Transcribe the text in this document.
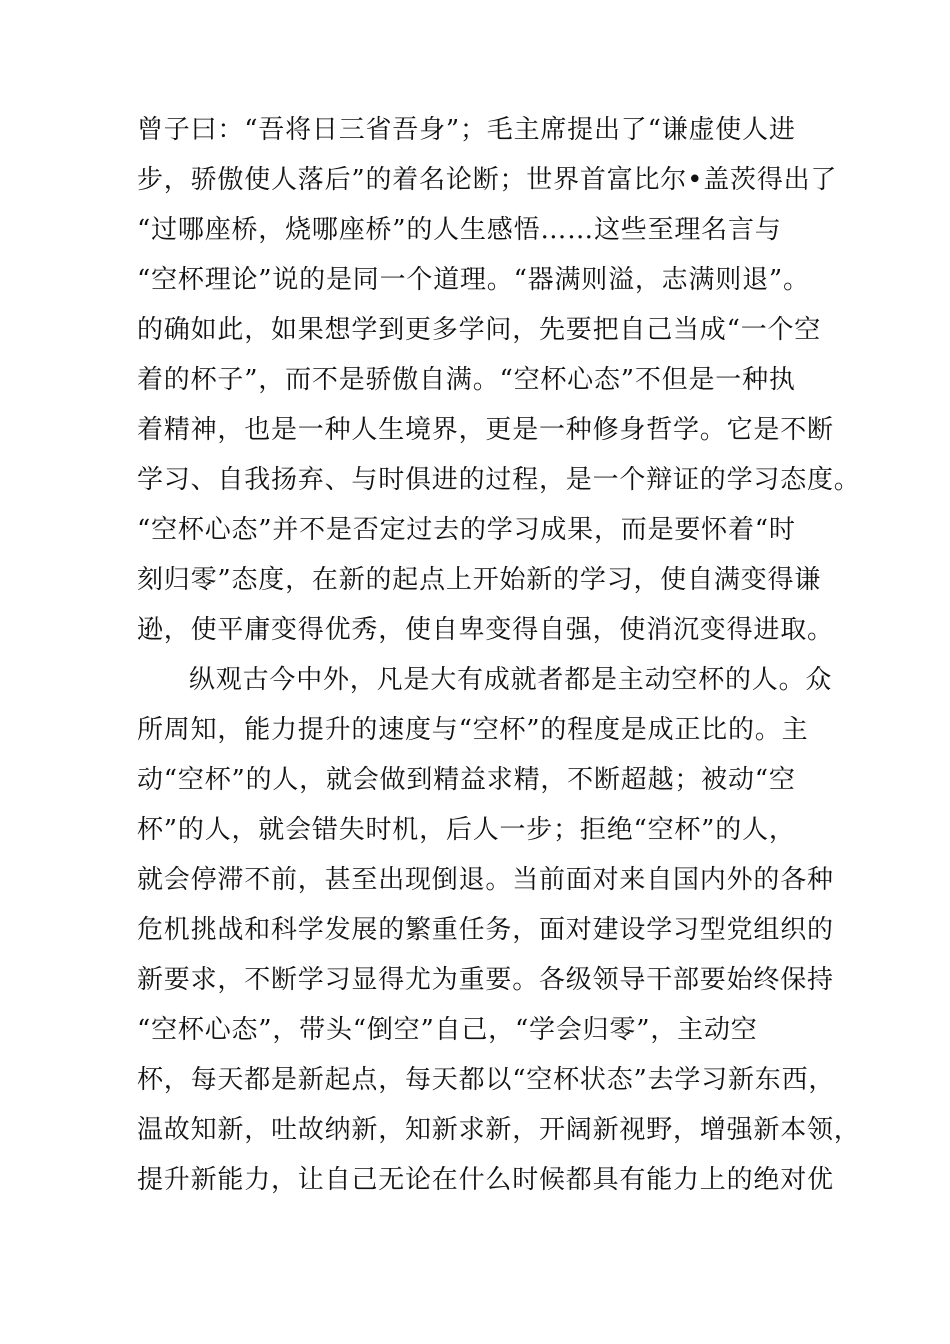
曾子曰：“吾将日三省吾身”；毛主席提出了“谦虚使人进
步，骄傲使人落后”的着名论断；世界首富比尔•盖茨得出了
“过哪座桥，烧哪座桥”的人生感悟……这些至理名言与
“空杯理论”说的是同一个道理。“器满则溢，志满则退”。
的确如此，如果想学到更多学问，先要把自己当成“一个空
着的杯子”，而不是骄傲自满。“空杯心态”不但是一种执
着精神，也是一种人生境界，更是一种修身哲学。它是不断
学习、自我扬弃、与时俱进的过程，是一个辩证的学习态度。
“空杯心态”并不是否定过去的学习成果，而是要怀着“时
刻归零”态度，在新的起点上开始新的学习，使自满变得谦
逊，使平庸变得优秀，使自卑变得自强，使消沉变得进取。
纵观古今中外，凡是大有成就者都是主动空杯的人。众
所周知，能力提升的速度与“空杯”的程度是成正比的。主
动“空杯”的人，就会做到精益求精，不断超越；被动“空
杯”的人，就会错失时机，后人一步；拒绝“空杯”的人，
就会停滞不前，甚至出现倒退。当前面对来自国内外的各种
危机挑战和科学发展的繁重任务，面对建设学习型党组织的
新要求，不断学习显得尤为重要。各级领导干部要始终保持
“空杯心态”，带头“倒空”自己，“学会归零”，主动空
杯，每天都是新起点，每天都以“空杯状态”去学习新东西，
温故知新，吐故纳新，知新求新，开阔新视野，增强新本领，
提升新能力，让自己无论在什么时候都具有能力上的绝对优
